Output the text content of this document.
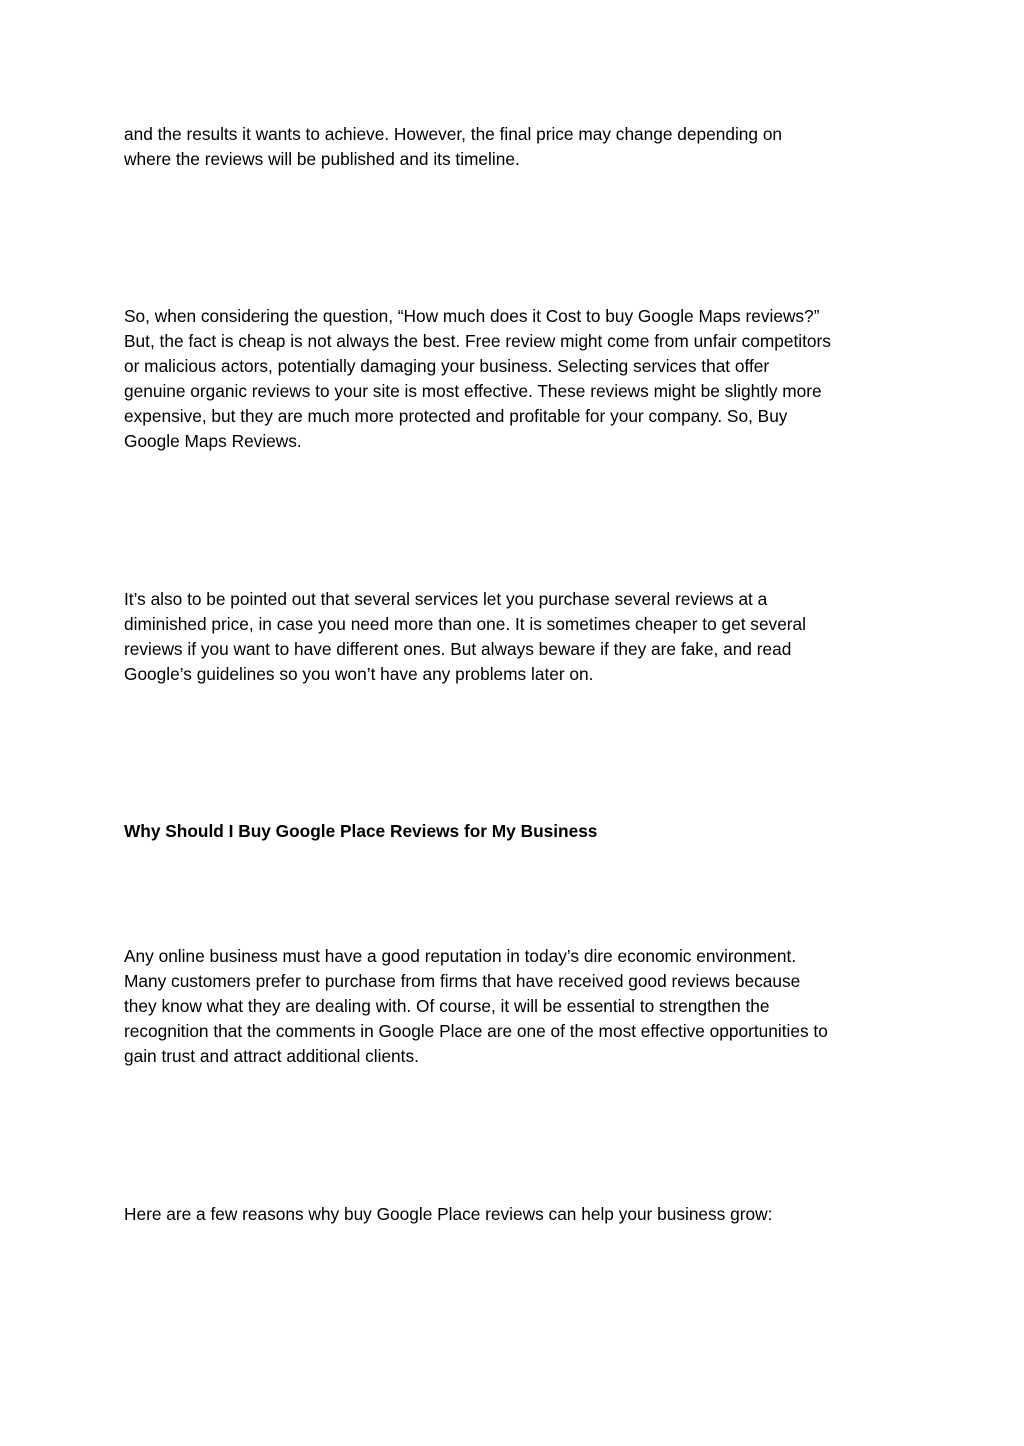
and the results it wants to achieve. However, the final price may change depending on
where the reviews will be published and its timeline.

So, when considering the question, “How much does it Cost to buy Google Maps reviews?”
But, the fact is cheap is not always the best. Free review might come from unfair competitors
or malicious actors, potentially damaging your business. Selecting services that offer
genuine organic reviews to your site is most effective. These reviews might be slightly more
expensive, but they are much more protected and profitable for your company. So, Buy
Google Maps Reviews.

It’s also to be pointed out that several services let you purchase several reviews at a
diminished price, in case you need more than one. It is sometimes cheaper to get several
reviews if you want to have different ones. But always beware if they are fake, and read
Google’s guidelines so you won’t have any problems later on.

Why Should I Buy Google Place Reviews for My Business

Any online business must have a good reputation in today’s dire economic environment.
Many customers prefer to purchase from firms that have received good reviews because
they know what they are dealing with. Of course, it will be essential to strengthen the
recognition that the comments in Google Place are one of the most effective opportunities to
gain trust and attract additional clients.

Here are a few reasons why buy Google Place reviews can help your business grow:
